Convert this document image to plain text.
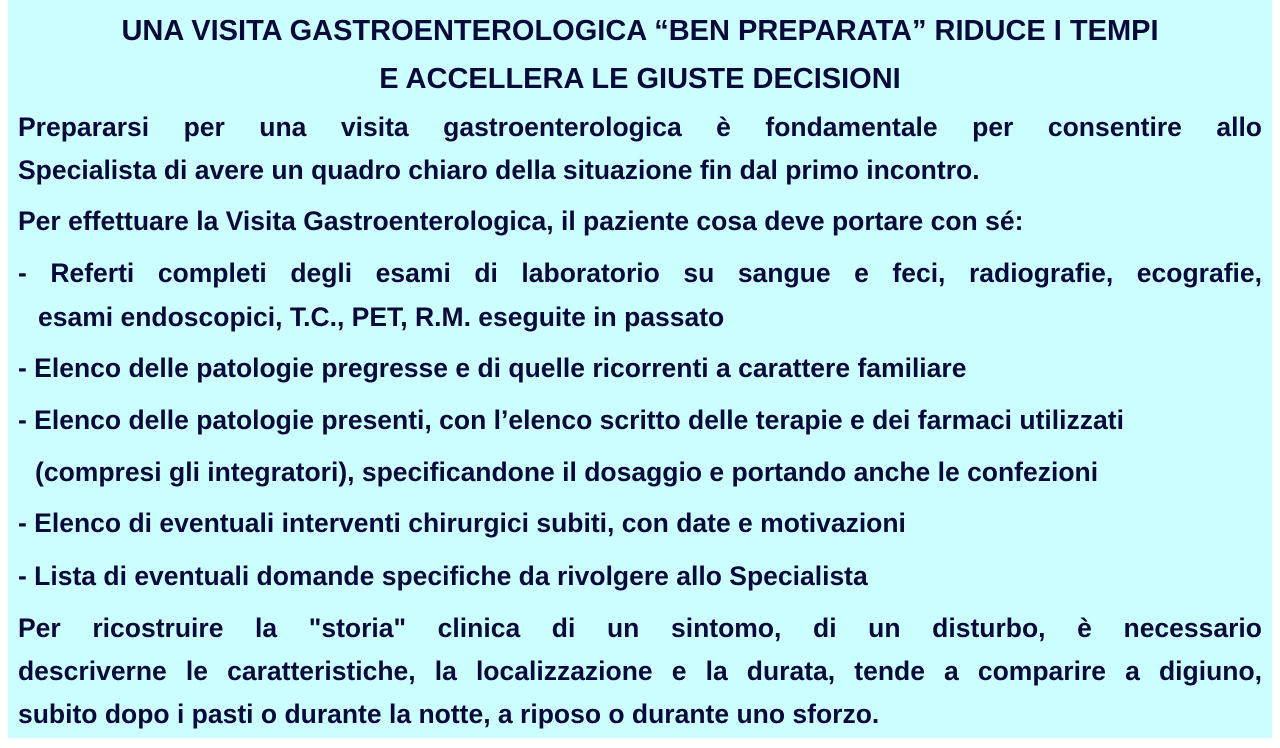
UNA VISITA GASTROENTEROLOGICA “BEN PREPARATA” RIDUCE I TEMPI
E ACCELLERA LE GIUSTE DECISIONI
Prepararsi per una visita gastroenterologica è fondamentale per consentire allo
Specialista di avere un quadro chiaro della situazione fin dal primo incontro.
Per effettuare la Visita Gastroenterologica, il paziente cosa deve portare con sé:
- Referti completi degli esami di laboratorio su sangue e feci, radiografie, ecografie,
esami endoscopici, T.C., PET, R.M. eseguite in passato
- Elenco delle patologie pregresse e di quelle ricorrenti a carattere familiare
- Elenco delle patologie presenti, con l’elenco scritto delle terapie e dei farmaci utilizzati
(compresi gli integratori), specificandone il dosaggio e portando anche le confezioni
- Elenco di eventuali interventi chirurgici subiti, con date e motivazioni
- Lista di eventuali domande specifiche da rivolgere allo Specialista
Per ricostruire la "storia" clinica di un sintomo, di un disturbo, è necessario
descriverne le caratteristiche, la localizzazione e la durata, tende a comparire a digiuno,
subito dopo i pasti o durante la notte, a riposo o durante uno sforzo.
